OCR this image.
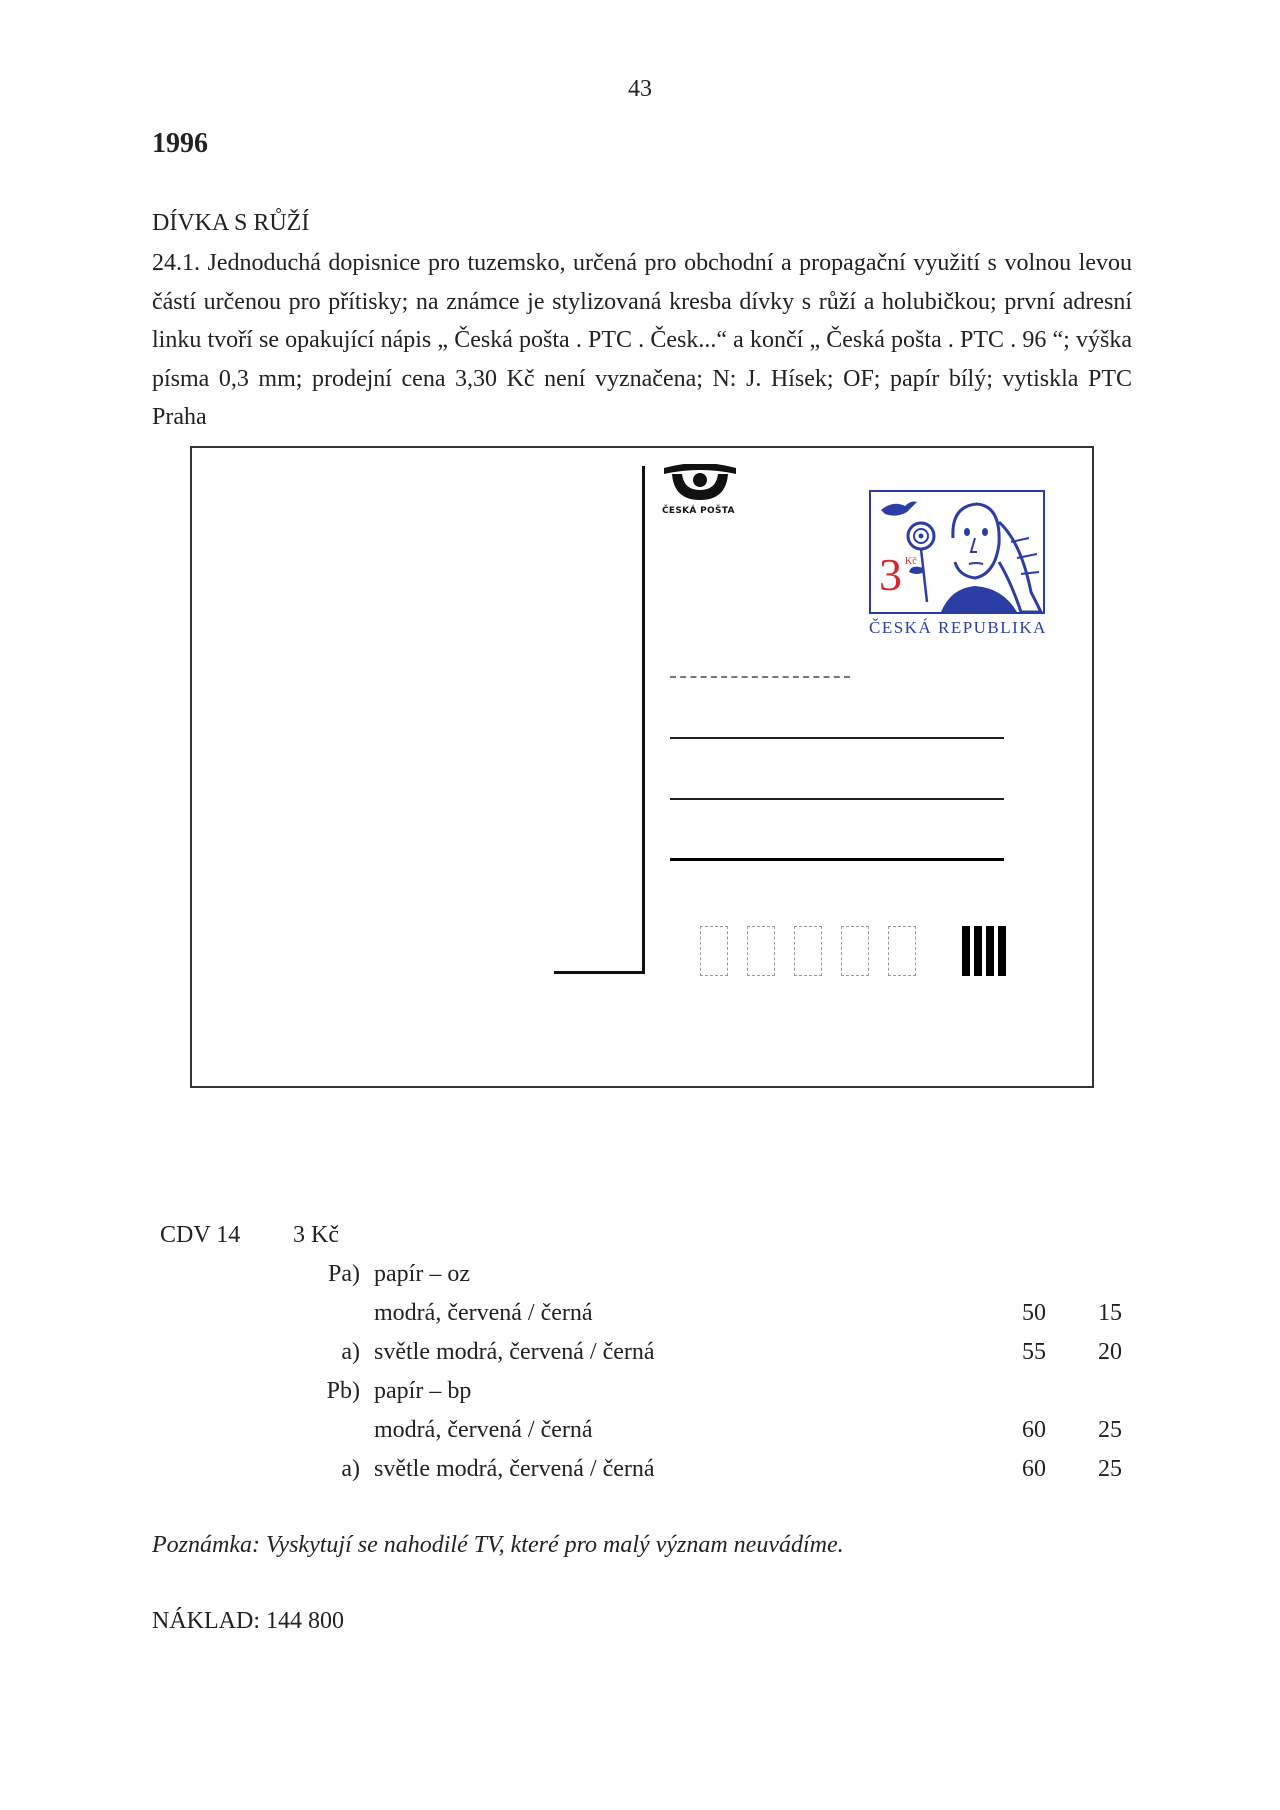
43
1996
DÍVKA S RŮŽÍ
24.1. Jednoduchá dopisnice pro tuzemsko, určená pro obchodní a propagační využití s volnou levou částí určenou pro přítisky; na známce je stylizovaná kresba dívky s růží a holubičkou; první adresní linku tvoří se opakující nápis „ Česká pošta . PTC . Česk...“ a končí „ Česká pošta . PTC . 96 “; výška písma 0,3 mm; prodejní cena 3,30 Kč není vyznačena; N: J. Hísek; OF; papír bílý; vytiskla PTC Praha
ČESKÁ POŠTA
3 Kč
ČESKÁ REPUBLIKA
CDV 14 3 Kč
Pa) papír – oz
modrá, červená / černá	50 15
a) světle modrá, červená / černá	55 20
Pb) papír – bp
modrá, červená / černá	60 25
a) světle modrá, červená / černá	60 25
Poznámka: Vyskytují se nahodilé TV, které pro malý význam neuvádíme.
NÁKLAD: 144 800
